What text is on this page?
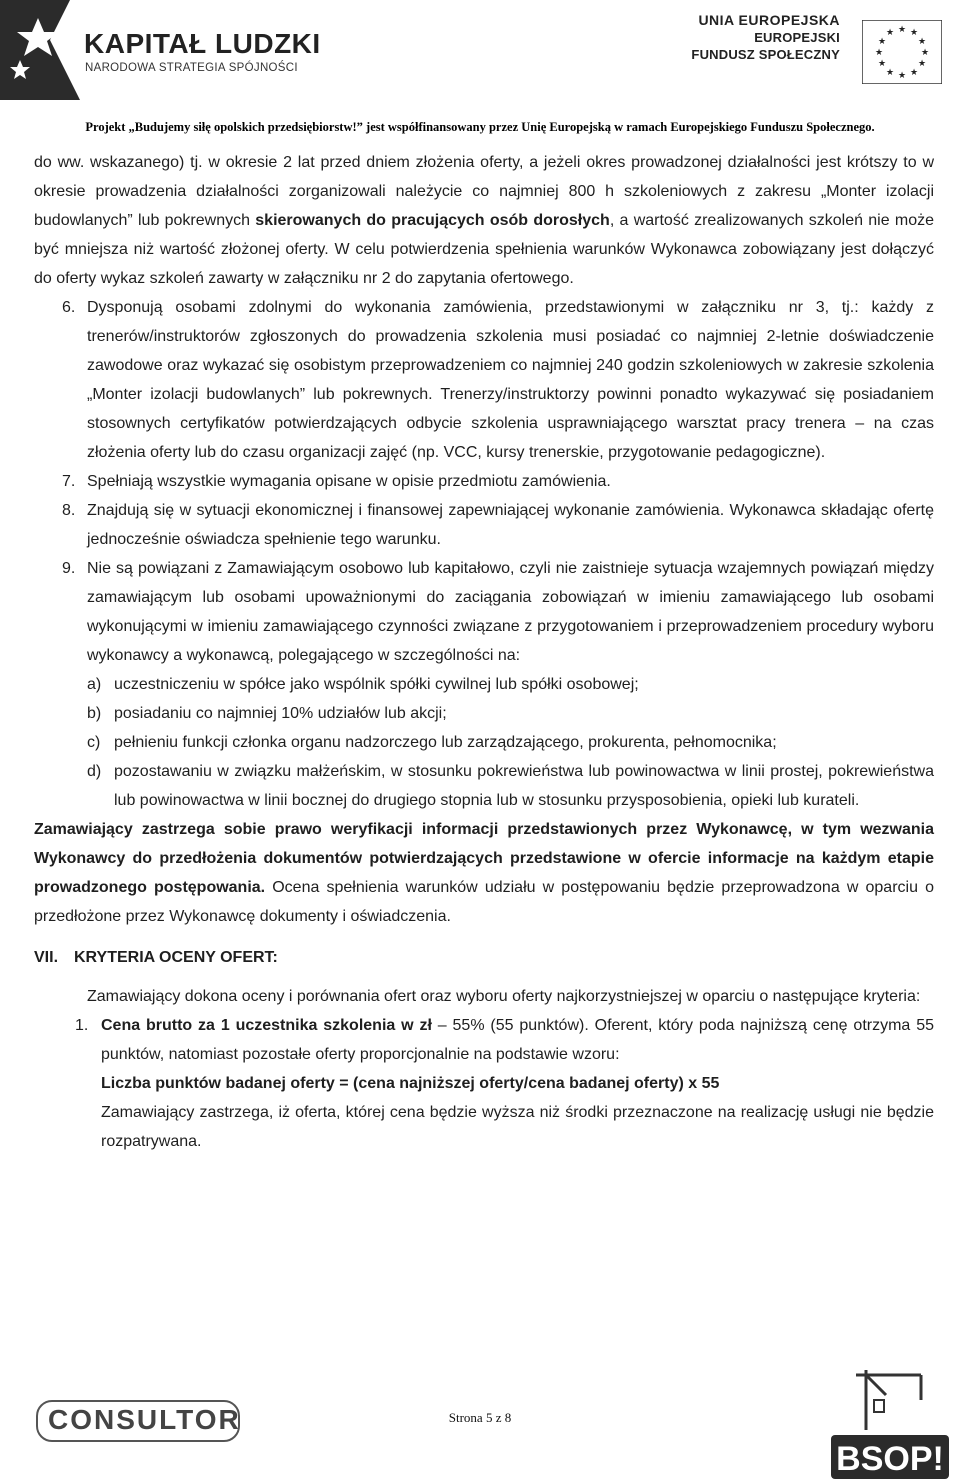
KAPITAŁ LUDZKI
NARODOWA STRATEGIA SPÓJNOŚCI
UNIA EUROPEJSKA
EUROPEJSKI
FUNDUSZ SPOŁECZNY
★ ★
★
★
★
★
★
★
★
★
★
★
Projekt „Budujemy siłę opolskich przedsiębiorstw!” jest współfinansowany przez Unię Europejską w ramach Europejskiego Funduszu Społecznego.

do ww. wskazanego) tj. w okresie 2 lat przed dniem złożenia oferty, a jeżeli okres prowadzonej działalności jest krótszy to w okresie prowadzenia działalności zorganizowali należycie co najmniej 800 h szkoleniowych z zakresu „Monter izolacji budowlanych” lub pokrewnych skierowanych do pracujących osób dorosłych, a wartość zrealizowanych szkoleń nie może być mniejsza niż wartość złożonej oferty. W celu potwierdzenia spełnienia warunków Wykonawca zobowiązany jest dołączyć do oferty wykaz szkoleń zawarty w załączniku nr 2 do zapytania ofertowego.

6. Dysponują osobami zdolnymi do wykonania zamówienia, przedstawionymi w załączniku nr 3, tj.: każdy z trenerów/instruktorów zgłoszonych do prowadzenia szkolenia musi posiadać co najmniej 2-letnie doświadczenie zawodowe oraz wykazać się osobistym przeprowadzeniem co najmniej 240 godzin szkoleniowych w zakresie szkolenia „Monter izolacji budowlanych” lub pokrewnych. Trenerzy/instruktorzy powinni ponadto wykazywać się posiadaniem stosownych certyfikatów potwierdzających odbycie szkolenia usprawniającego warsztat pracy trenera – na czas złożenia oferty lub do czasu organizacji zajęć (np. VCC, kursy trenerskie, przygotowanie pedagogiczne).
7. Spełniają wszystkie wymagania opisane w opisie przedmiotu zamówienia.
8. Znajdują się w sytuacji ekonomicznej i finansowej zapewniającej wykonanie zamówienia. Wykonawca składając ofertę jednocześnie oświadcza spełnienie tego warunku.
9. Nie są powiązani z Zamawiającym osobowo lub kapitałowo, czyli nie zaistnieje sytuacja wzajemnych powiązań między zamawiającym lub osobami upoważnionymi do zaciągania zobowiązań w imieniu zamawiającego lub osobami wykonującymi w imieniu zamawiającego czynności związane z przygotowaniem i przeprowadzeniem procedury wyboru wykonawcy a wykonawcą, polegającego w szczególności na:
a) uczestniczeniu w spółce jako wspólnik spółki cywilnej lub spółki osobowej;
b) posiadaniu co najmniej 10% udziałów lub akcji;
c) pełnieniu funkcji członka organu nadzorczego lub zarządzającego, prokurenta, pełnomocnika;
d) pozostawaniu w związku małżeńskim, w stosunku pokrewieństwa lub powinowactwa w linii prostej, pokrewieństwa lub powinowactwa w linii bocznej do drugiego stopnia lub w stosunku przysposobienia, opieki lub kurateli.

Zamawiający zastrzega sobie prawo weryfikacji informacji przedstawionych przez Wykonawcę, w tym wezwania Wykonawcy do przedłożenia dokumentów potwierdzających przedstawione w ofercie informacje na każdym etapie prowadzonego postępowania. Ocena spełnienia warunków udziału w postępowaniu będzie przeprowadzona w oparciu o przedłożone przez Wykonawcę dokumenty i oświadczenia.

VII. KRYTERIA OCENY OFERT:

Zamawiający dokona oceny i porównania ofert oraz wyboru oferty najkorzystniejszej w oparciu o następujące kryteria:

1. Cena brutto za 1 uczestnika szkolenia w zł – 55% (55 punktów). Oferent, który poda najniższą cenę otrzyma 55 punktów, natomiast pozostałe oferty proporcjonalnie na podstawie wzoru:

Liczba punktów badanej oferty = (cena najniższej oferty/cena badanej oferty) x 55

Zamawiający zastrzega, iż oferta, której cena będzie wyższa niż środki przeznaczone na realizację usługi nie będzie rozpatrywana.

CONSULTOR	Strona 5 z 8
BSOP!
